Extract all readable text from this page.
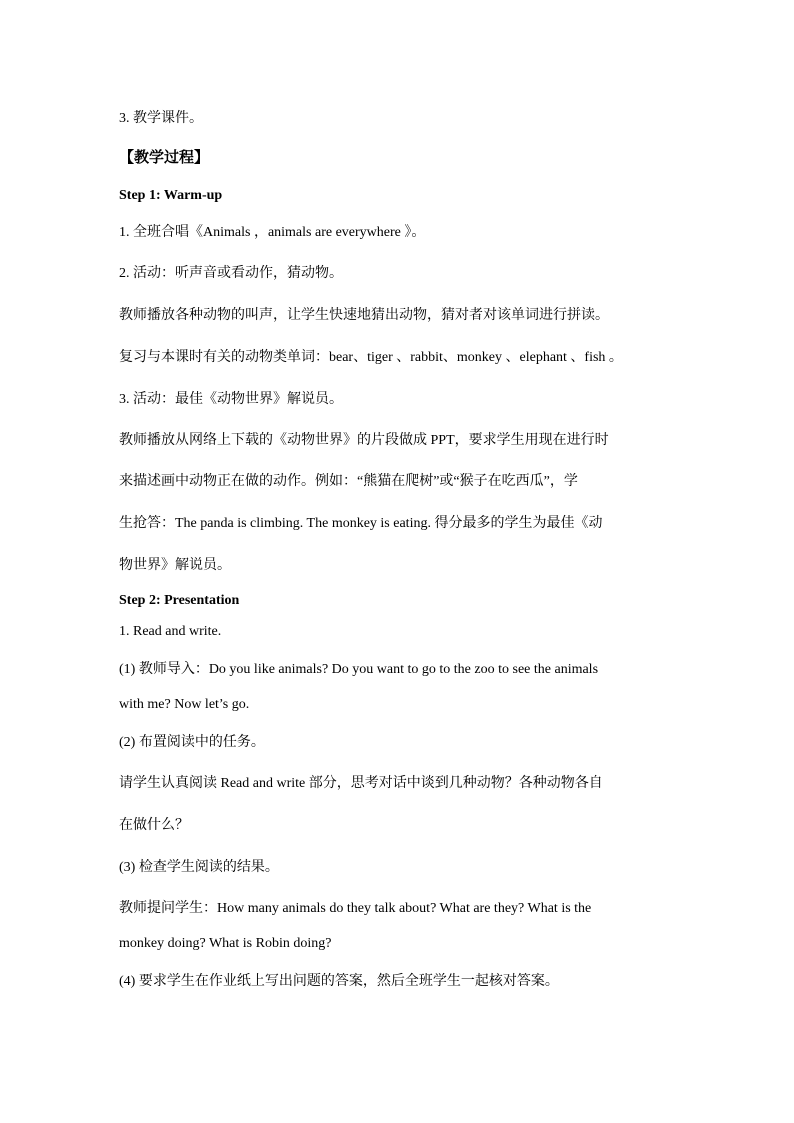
3. 教学课件。
【教学过程】
Step 1: Warm-up
1. 全班合唱《Animals ，animals are everywhere 》。
2. 活动：听声音或看动作，猜动物。
教师播放各种动物的叫声，让学生快速地猜出动物，猜对者对该单词进行拼读。
复习与本课时有关的动物类单词：bear、tiger 、rabbit、monkey 、elephant 、fish 。
3. 活动：最佳《动物世界》解说员。
教师播放从网络上下载的《动物世界》的片段做成 PPT，要求学生用现在进行时
来描述画中动物正在做的动作。例如：“熊猫在爬树”或“猴子在吃西瓜”，学
生抢答：The panda is climbing. The monkey is eating. 得分最多的学生为最佳《动
物世界》解说员。
Step 2: Presentation
1. Read and write.
(1) 教师导入：Do you like animals? Do you want to go to the zoo to see the animals
with me? Now let’s go.
(2) 布置阅读中的任务。
请学生认真阅读 Read and write 部分，思考对话中谈到几种动物？各种动物各自
在做什么？
(3) 检查学生阅读的结果。
教师提问学生：How many animals do they talk about? What are they? What is the
monkey doing? What is Robin doing?
(4) 要求学生在作业纸上写出问题的答案，然后全班学生一起核对答案。
